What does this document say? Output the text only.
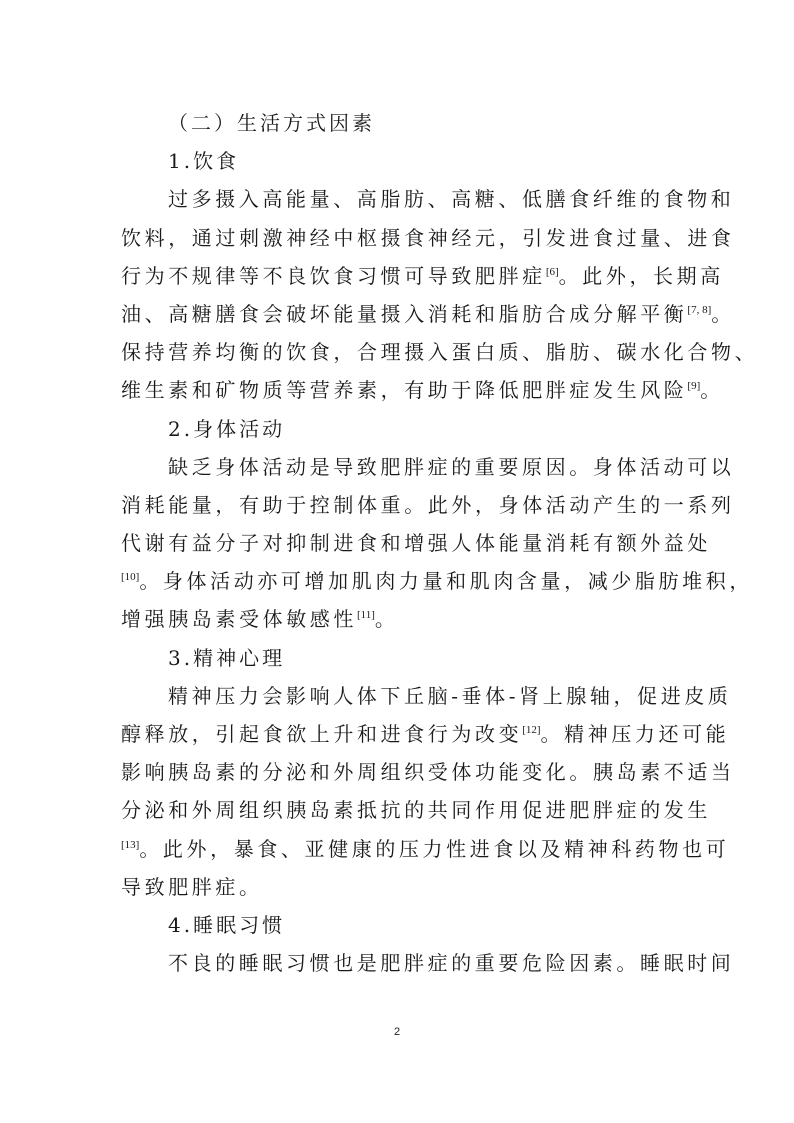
（二）生活方式因素
1.饮食
过多摄入高能量、高脂肪、高糖、低膳食纤维的食物和
饮料，通过刺激神经中枢摄食神经元，引发进食过量、进食
行为不规律等不良饮食习惯可导致肥胖症[6]。此外，长期高
油、高糖膳食会破坏能量摄入消耗和脂肪合成分解平衡[7, 8]。
保持营养均衡的饮食，合理摄入蛋白质、脂肪、碳水化合物、
维生素和矿物质等营养素，有助于降低肥胖症发生风险[9]。
2.身体活动
缺乏身体活动是导致肥胖症的重要原因。身体活动可以
消耗能量，有助于控制体重。此外，身体活动产生的一系列
代谢有益分子对抑制进食和增强人体能量消耗有额外益处
[10]。身体活动亦可增加肌肉力量和肌肉含量，减少脂肪堆积，
增强胰岛素受体敏感性[11]。
3.精神心理
精神压力会影响人体下丘脑-垂体-肾上腺轴，促进皮质
醇释放，引起食欲上升和进食行为改变[12]。精神压力还可能
影响胰岛素的分泌和外周组织受体功能变化。胰岛素不适当
分泌和外周组织胰岛素抵抗的共同作用促进肥胖症的发生
[13]。此外，暴食、亚健康的压力性进食以及精神科药物也可
导致肥胖症。
4.睡眠习惯
不良的睡眠习惯也是肥胖症的重要危险因素。睡眠时间
2
